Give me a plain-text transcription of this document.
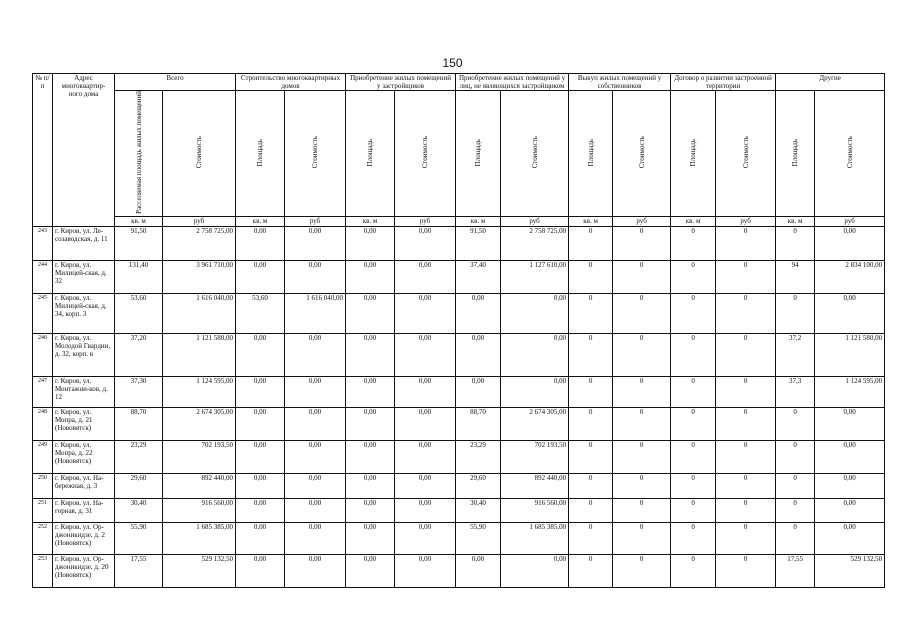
150
№ п/п	Адрес многоквартир-ного дома	Всего		Строительство многоквартирных домов		Приобретение жилых помещений у застройщиков		Приобретение жилых помещений у лиц, не являющихся застройщиком		Выкуп жилых помещений у собственников		Договор о развитии застроенной территории		Другие	
		Расселяемая площадь жилых помещений	Стоимость	Площадь	Стоимость	Площадь	Стоимость	Площадь	Стоимость	Площадь	Стоимость	Площадь	Стоимость	Площадь	Стоимость
		кв. м	руб	кв. м	руб	кв. м	руб	кв. м	руб	кв. м	руб	кв. м	руб	кв. м	руб
243	г. Киров, ул. Ле-созаводская, д. 11	91,50	2 758 725,00	0,00	0,00	0,00	0,00	91,50	2 758 725,00	0	0	0	0	0	0,00
244	г. Киров, ул. Милицей-ская, д. 32	131,40	3 961 710,00	0,00	0,00	0,00	0,00	37,40	1 127 610,00	0	0	0	0	94	2 834 100,00
245	г. Киров, ул. Милицей-ская, д. 34, корп. 3	53,60	1 616 040,00	53,60	1 616 040,00	0,00	0,00	0,00	0,00	0	0	0	0	0	0,00
246	г. Киров, ул. Молодой Гвардии, д. 32, корп. в	37,20	1 121 580,00	0,00	0,00	0,00	0,00	0,00	0,00	0	0	0	0	37,2	1 121 580,00
247	г. Киров, ул. Монтажни-ков, д. 12	37,30	1 124 595,00	0,00	0,00	0,00	0,00	0,00	0,00	0	0	0	0	37,3	1 124 595,00
248	г. Киров, ул. Мопра, д. 21 (Нововятск)	88,70	2 674 305,00	0,00	0,00	0,00	0,00	88,70	2 674 305,00	0	0	0	0	0	0,00
249	г. Киров, ул. Мопра, д. 22 (Нововятск)	23,29	702 193,50	0,00	0,00	0,00	0,00	23,29	702 193,50	0	0	0	0	0	0,00
250	г. Киров, ул. На-бережная, д. 3	29,60	892 440,00	0,00	0,00	0,00	0,00	29,60	892 440,00	0	0	0	0	0	0,00
251	г. Киров, ул. На-горная, д. 31	30,40	916 560,00	0,00	0,00	0,00	0,00	30,40	916 560,00	0	0	0	0	0	0,00
252	г. Киров, ул. Ор-джоникидзе, д. 2 (Нововятск)	55,90	1 685 385,00	0,00	0,00	0,00	0,00	55,90	1 685 385,00	0	0	0	0	0	0,00
253	г. Киров, ул. Ор-джоникидзе, д. 20 (Нововятск)	17,55	529 132,50	0,00	0,00	0,00	0,00	0,00	0,00	0	0	0	0	17,55	529 132,50
